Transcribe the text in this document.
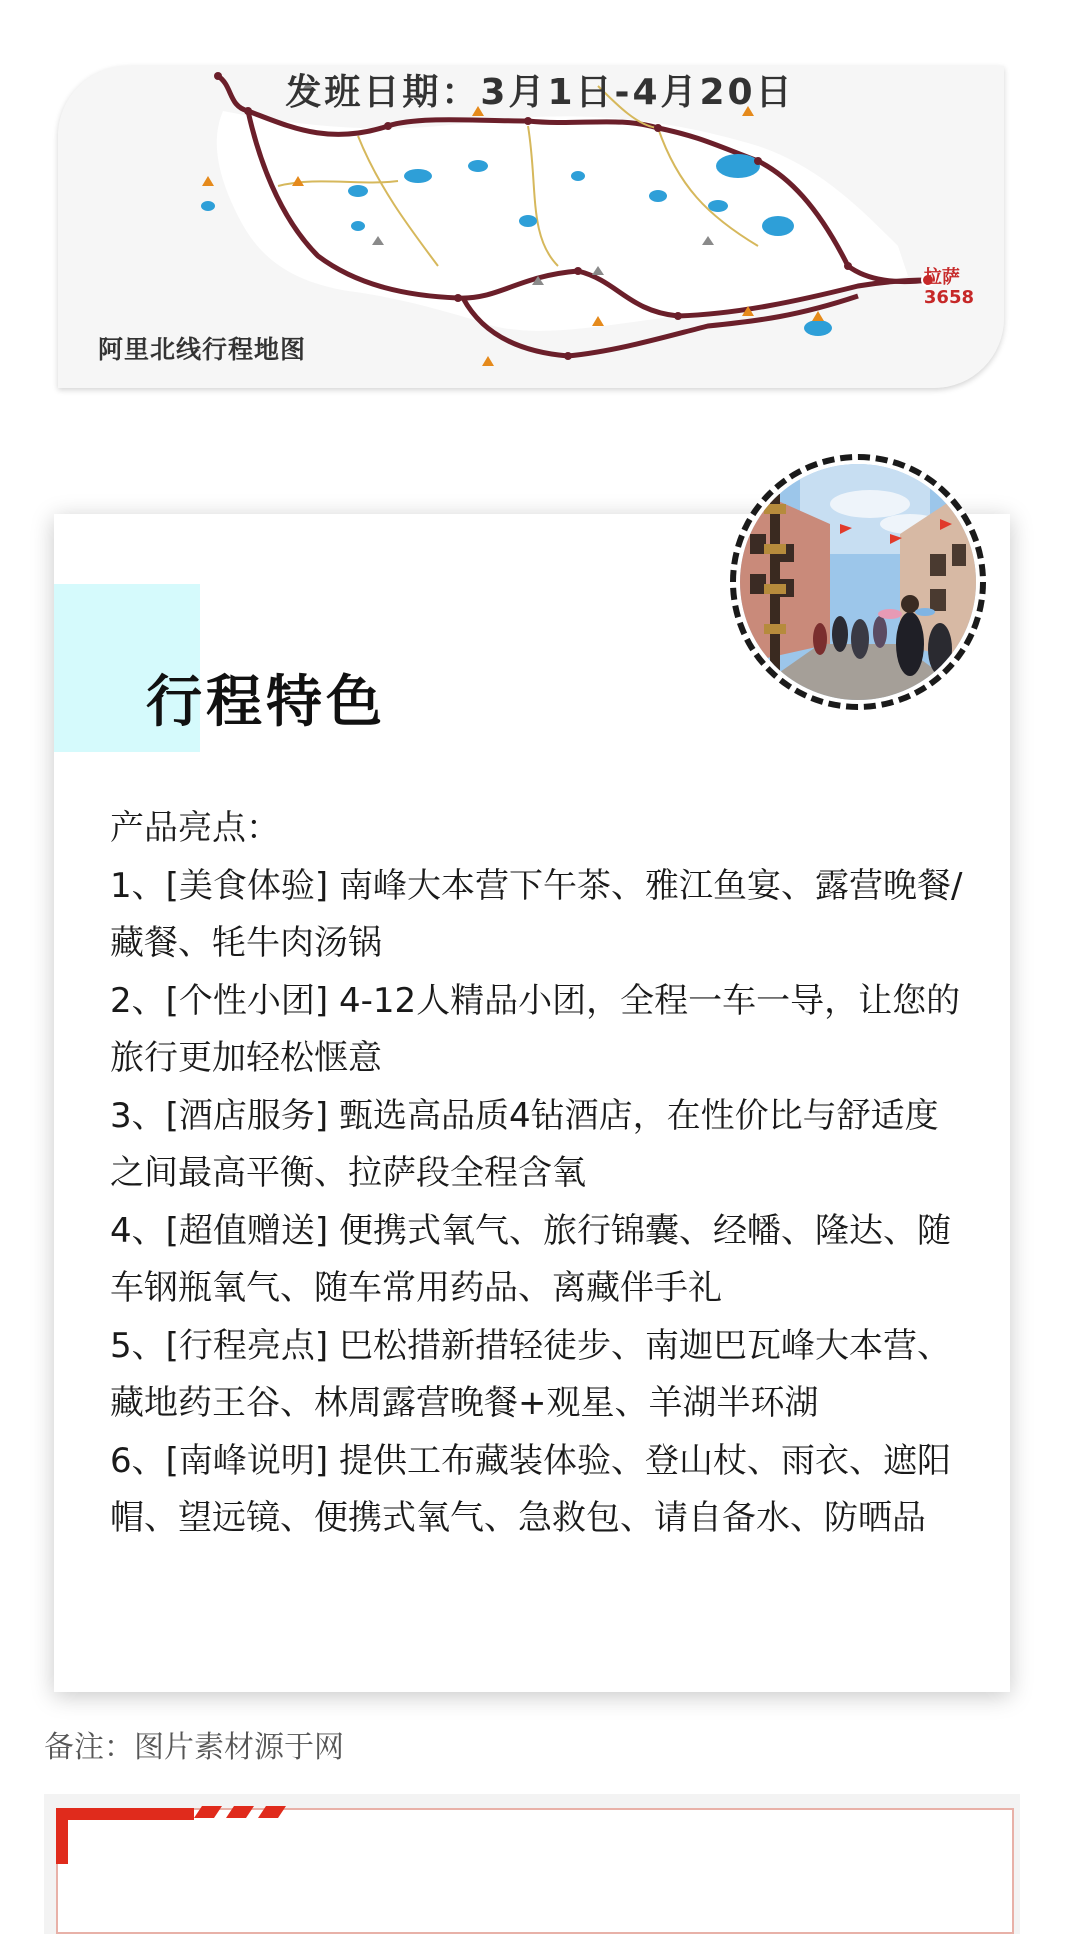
阿里北线行程地图
拉萨
3658
行程特色

产品亮点：

1、[美食体验] 南峰大本营下午茶、雅江鱼宴、露营晚餐/藏餐、牦牛肉汤锅

2、[个性小团] 4-12人精品小团，全程一车一导，让您的旅行更加轻松惬意

3、[酒店服务] 甄选高品质4钻酒店，在性价比与舒适度之间最高平衡、拉萨段全程含氧

4、[超值赠送] 便携式氧气、旅行锦囊、经幡、隆达、随车钢瓶氧气、随车常用药品、离藏伴手礼

5、[行程亮点] 巴松措新措轻徒步、南迦巴瓦峰大本营、藏地药王谷、林周露营晚餐+观星、羊湖半环湖

6、[南峰说明] 提供工布藏装体验、登山杖、雨衣、遮阳帽、望远镜、便携式氧气、急救包、请自备水、防晒品

备注：图片素材源于网
发班日期：3月1日-4月20日
